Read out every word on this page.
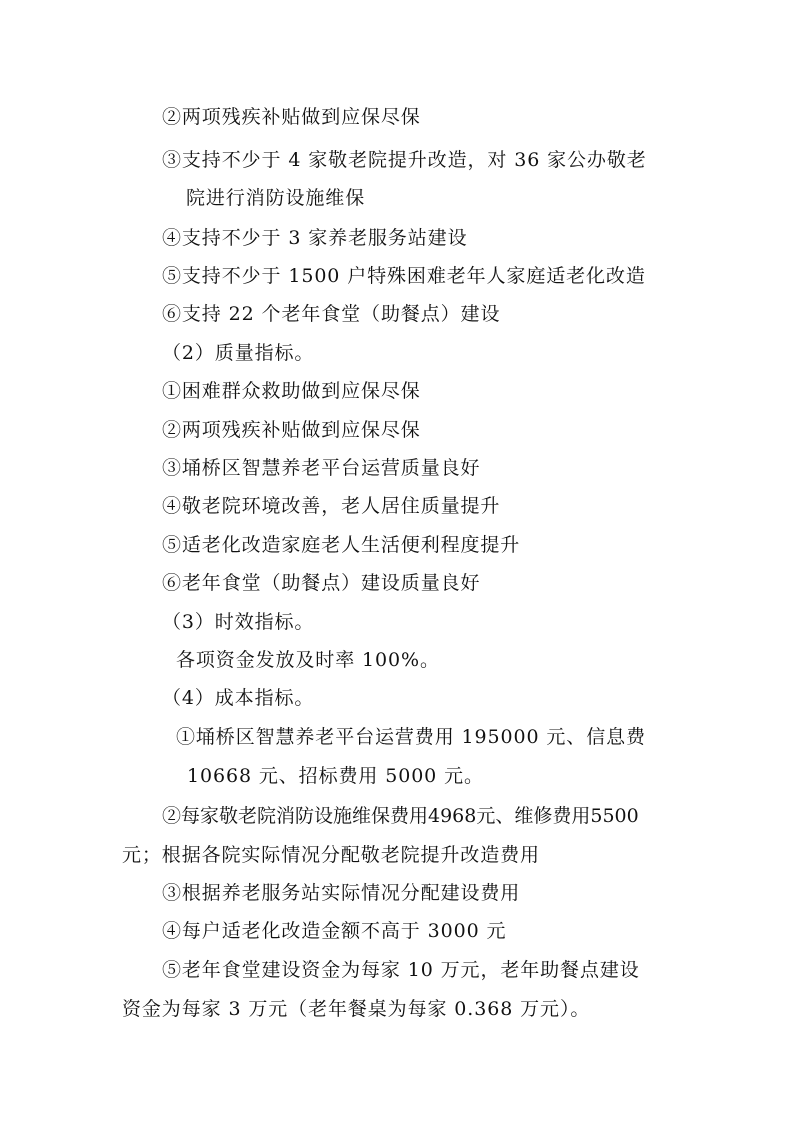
②两项残疾补贴做到应保尽保
③支持不少于 4 家敬老院提升改造，对 36 家公办敬老
院进行消防设施维保
④支持不少于 3 家养老服务站建设
⑤支持不少于 1500 户特殊困难老年人家庭适老化改造
⑥支持 22 个老年食堂（助餐点）建设
（2）质量指标。
①困难群众救助做到应保尽保
②两项残疾补贴做到应保尽保
③埇桥区智慧养老平台运营质量良好
④敬老院环境改善，老人居住质量提升
⑤适老化改造家庭老人生活便利程度提升
⑥老年食堂（助餐点）建设质量良好
（3）时效指标。
各项资金发放及时率 100%。
（4）成本指标。
①埇桥区智慧养老平台运营费用 195000 元、信息费
10668 元、招标费用 5000 元。
②每家敬老院消防设施维保费用4968元、维修费用5500
元；根据各院实际情况分配敬老院提升改造费用
③根据养老服务站实际情况分配建设费用
④每户适老化改造金额不高于 3000 元
⑤老年食堂建设资金为每家 10 万元，老年助餐点建设
资金为每家 3 万元（老年餐桌为每家 0.368 万元）。
